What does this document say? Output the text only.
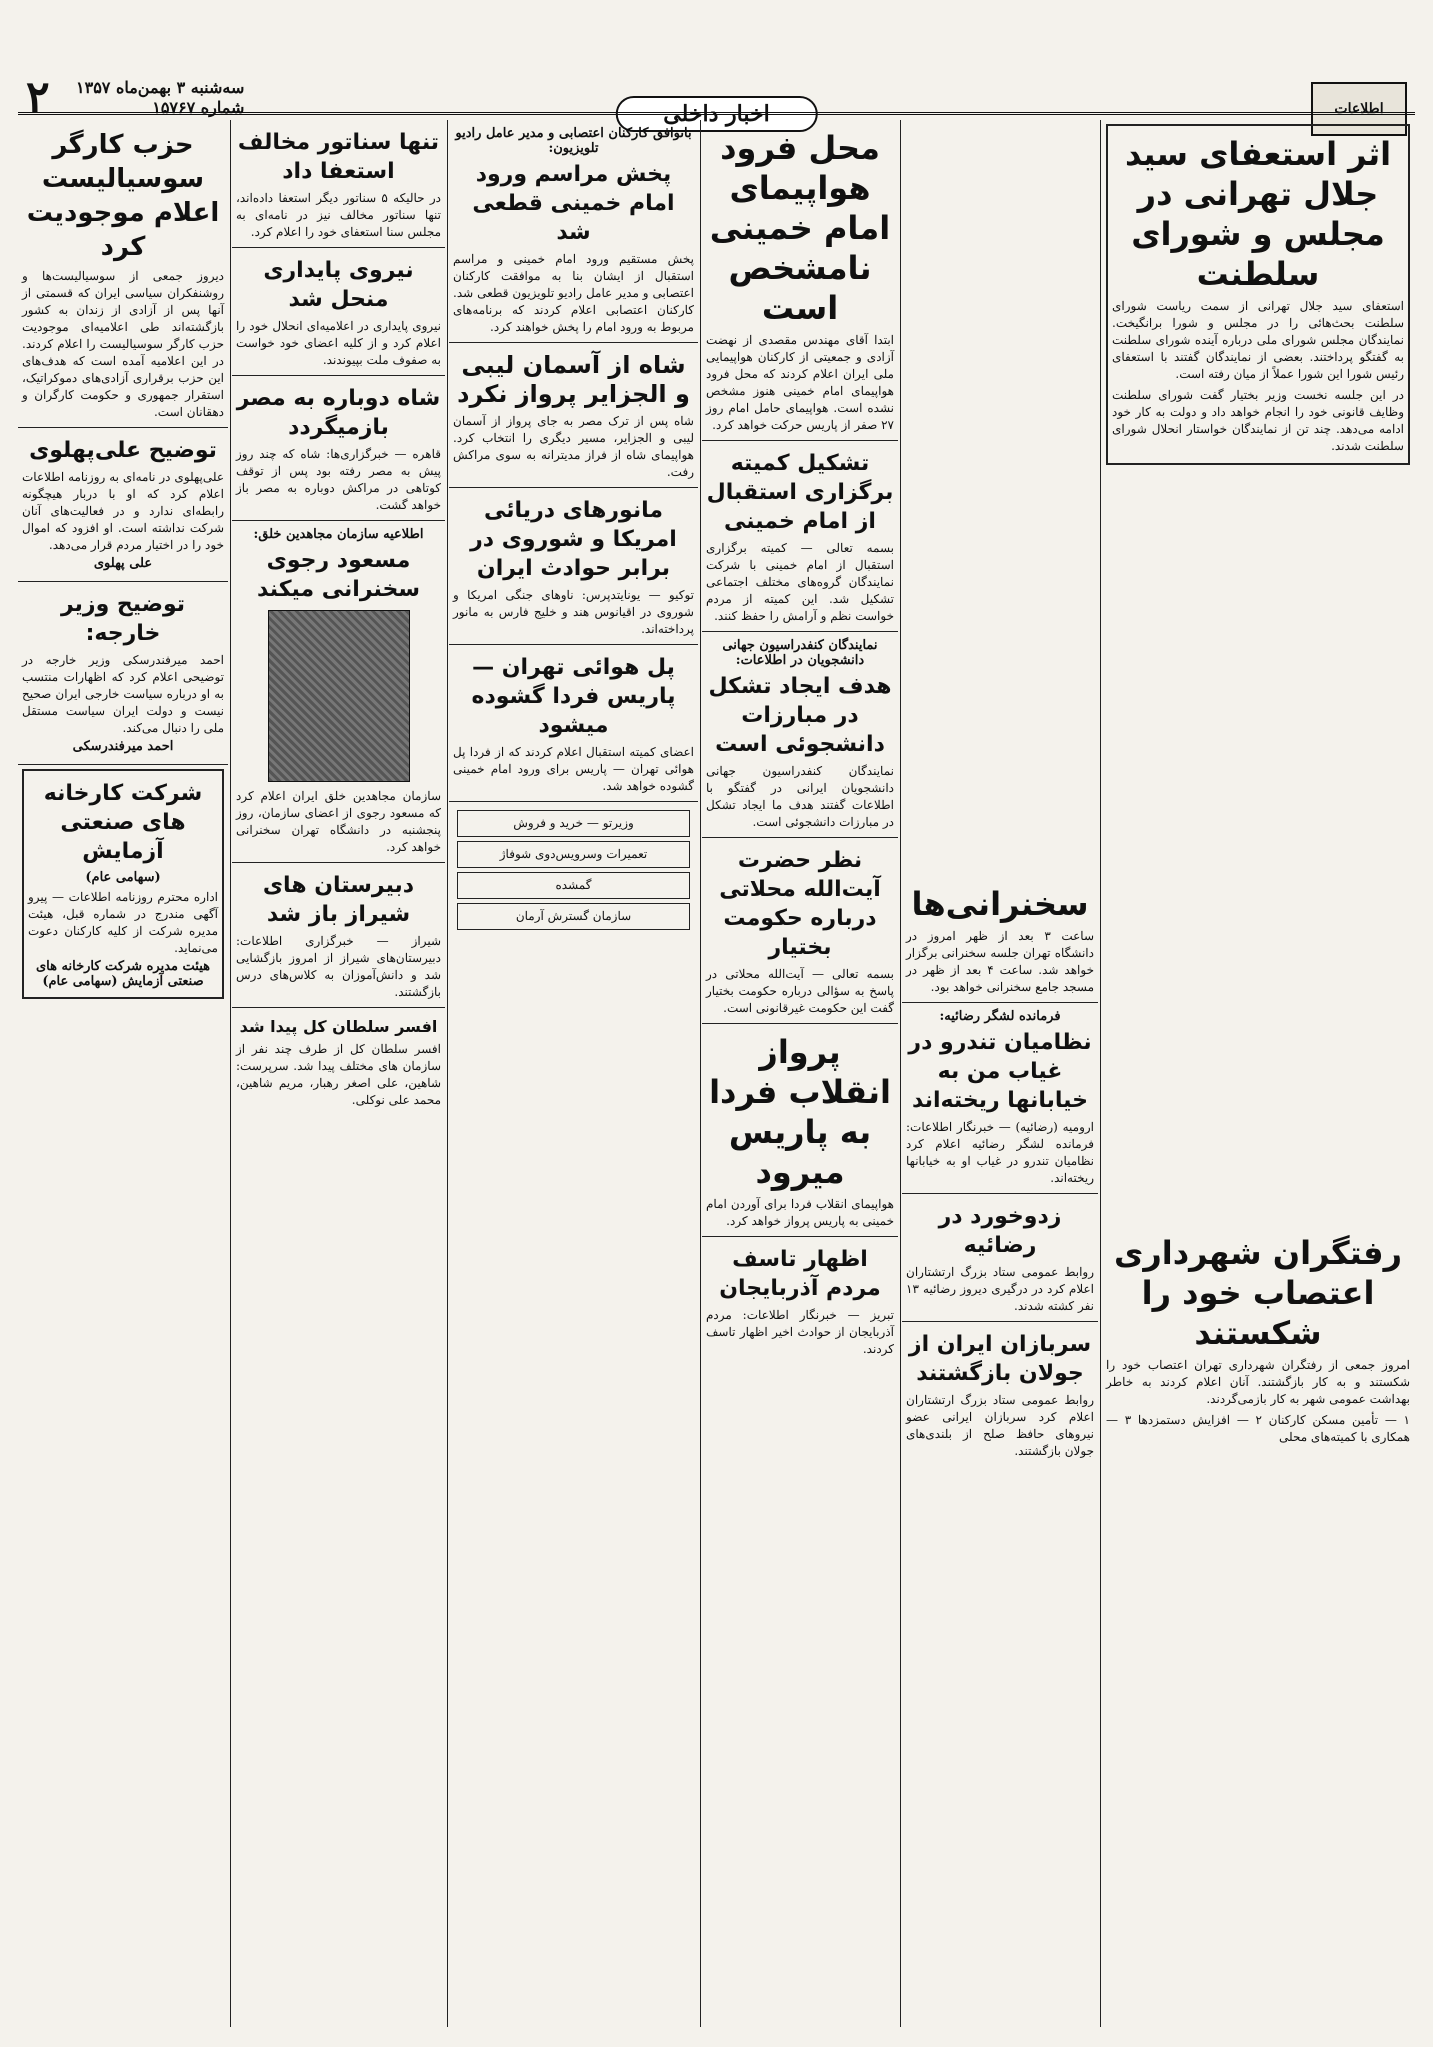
۲ سه‌شنبه ۳ بهمن‌ماه ۱۳۵۷
شماره ۱۵۷۶۷	اخبار داخلی	اطلاعات
اثر استعفای سید جلال تهرانی در مجلس و شورای سلطنت

استعفای سید جلال تهرانی از سمت ریاست شورای سلطنت بحث‌هائی را در مجلس و شورا برانگیخت. نمایندگان مجلس شورای ملی درباره آینده شورای سلطنت به گفتگو پرداختند. بعضی از نمایندگان گفتند با استعفای رئیس شورا این شورا عملاً از میان رفته است.

در این جلسه نخست وزیر بختیار گفت شورای سلطنت وظایف قانونی خود را انجام خواهد داد و دولت به کار خود ادامه می‌دهد. چند تن از نمایندگان خواستار انحلال شورای سلطنت شدند.

رفتگران شهرداری اعتصاب خود را شکستند

امروز جمعی از رفتگران شهرداری تهران اعتصاب خود را شکستند و به کار بازگشتند. آنان اعلام کردند به خاطر بهداشت عمومی شهر به کار بازمی‌گردند.

۱ — تأمین مسکن کارکنان ۲ — افزایش دستمزدها ۳ — همکاری با کمیته‌های محلی

سخنرانی‌ها
ساعت ۳ بعد از ظهر امروز در دانشگاه تهران جلسه سخنرانی برگزار خواهد شد. ساعت ۴ بعد از ظهر در مسجد جامع سخنرانی خواهد بود.
فرمانده لشگر رضائیه:
نظامیان تندرو در غیاب من به خیابانها ریخته‌اند
ارومیه (رضائیه) — خبرنگار اطلاعات: فرمانده لشگر رضائیه اعلام کرد نظامیان تندرو در غیاب او به خیابانها ریخته‌اند.
زدوخورد در رضائیه
روابط عمومی ستاد بزرگ ارتشتاران اعلام کرد در درگیری دیروز رضائیه ۱۳ نفر کشته شدند.
سربازان ایران از جولان بازگشتند
روابط عمومی ستاد بزرگ ارتشتاران اعلام کرد سربازان ایرانی عضو نیروهای حافظ صلح از بلندی‌های جولان بازگشتند.
محل فرود هواپیمای امام خمینی نامشخص است
ابتدا آقای مهندس مقصدی از نهضت آزادی و جمعیتی از کارکنان هواپیمایی ملی ایران اعلام کردند که محل فرود هواپیمای امام خمینی هنوز مشخص نشده است. هواپیمای حامل امام روز ۲۷ صفر از پاریس حرکت خواهد کرد.
تشکیل کمیته برگزاری استقبال از امام خمینی
بسمه تعالی — کمیته برگزاری استقبال از امام خمینی با شرکت نمایندگان گروه‌های مختلف اجتماعی تشکیل شد. این کمیته از مردم خواست نظم و آرامش را حفظ کنند.
نمایندگان کنفدراسیون جهانی دانشجویان در اطلاعات:
هدف ایجاد تشکل در مبارزات دانشجوئی است
نمایندگان کنفدراسیون جهانی دانشجویان ایرانی در گفتگو با اطلاعات گفتند هدف ما ایجاد تشکل در مبارزات دانشجوئی است.
نظر حضرت آیت‌الله محلاتی درباره حکومت بختیار
بسمه تعالی — آیت‌الله محلاتی در پاسخ به سؤالی درباره حکومت بختیار گفت این حکومت غیرقانونی است.
پرواز انقلاب فردا به پاریس میرود
هواپیمای انقلاب فردا برای آوردن امام خمینی به پاریس پرواز خواهد کرد.
اظهار تاسف مردم آذربایجان
تبریز — خبرنگار اطلاعات: مردم آذربایجان از حوادث اخیر اظهار تاسف کردند.
باتوافق کارکنان اعتصابی و مدیر عامل رادیو تلویزیون:
پخش مراسم ورود امام خمینی قطعی شد
پخش مستقیم ورود امام خمینی و مراسم استقبال از ایشان بنا به موافقت کارکنان اعتصابی و مدیر عامل رادیو تلویزیون قطعی شد. کارکنان اعتصابی اعلام کردند که برنامه‌های مربوط به ورود امام را پخش خواهند کرد.
شاه از آسمان لیبی و الجزایر پرواز نکرد
شاه پس از ترک مصر به جای پرواز از آسمان لیبی و الجزایر، مسیر دیگری را انتخاب کرد. هواپیمای شاه از فراز مدیترانه به سوی مراکش رفت.
مانورهای دریائی امریکا و شوروی در برابر حوادث ایران
توکیو — یونایتدپرس: ناوهای جنگی امریکا و شوروی در اقیانوس هند و خلیج فارس به مانور پرداخته‌اند.
پل هوائی تهران — پاریس فردا گشوده میشود
اعضای کمیته استقبال اعلام کردند که از فردا پل هوائی تهران — پاریس برای ورود امام خمینی گشوده خواهد شد.
وزیرتو — خرید و فروش
تعمیرات وسرویس‌دوی شوفاژ
گمشده
سازمان گسترش آرمان
تنها سناتور مخالف استعفا داد
در حالیکه ۵ سناتور دیگر استعفا داده‌اند، تنها سناتور مخالف نیز در نامه‌ای به مجلس سنا استعفای خود را اعلام کرد.
نیروی پایداری منحل شد
نیروی پایداری در اعلامیه‌ای انحلال خود را اعلام کرد و از کلیه اعضای خود خواست به صفوف ملت بپیوندند.
شاه دوباره به مصر بازمیگردد
قاهره — خبرگزاری‌ها: شاه که چند روز پیش به مصر رفته بود پس از توقف کوتاهی در مراکش دوباره به مصر باز خواهد گشت.
اطلاعیه سازمان مجاهدین خلق:
مسعود رجوی سخنرانی میکند
سازمان مجاهدین خلق ایران اعلام کرد که مسعود رجوی از اعضای سازمان، روز پنجشنبه در دانشگاه تهران سخنرانی خواهد کرد.
دبیرستان های شیراز باز شد
شیراز — خبرگزاری اطلاعات: دبیرستان‌های شیراز از امروز بازگشایی شد و دانش‌آموزان به کلاس‌های درس بازگشتند.
افسر سلطان کل پیدا شد
افسر سلطان کل از طرف چند نفر از سازمان های مختلف پیدا شد. سرپرست: شاهین، علی اصغر رهبار، مریم شاهین، محمد علی نوکلی.
حزب کارگر سوسیالیست اعلام موجودیت کرد
دیروز جمعی از سوسیالیست‌ها و روشنفکران سیاسی ایران که قسمتی از آنها پس از آزادی از زندان به کشور بازگشته‌اند طی اعلامیه‌ای موجودیت حزب کارگر سوسیالیست را اعلام کردند. در این اعلامیه آمده است که هدف‌های این حزب برقراری آزادی‌های دموکراتیک، استقرار جمهوری و حکومت کارگران و دهقانان است.
توضیح علی‌پهلوی
علی‌پهلوی در نامه‌ای به روزنامه اطلاعات اعلام کرد که او با دربار هیچگونه رابطه‌ای ندارد و در فعالیت‌های آنان شرکت نداشته است. او افزود که اموال خود را در اختیار مردم قرار می‌دهد.
علی پهلوی
توضیح وزیر خارجه:
احمد میرفندرسکی وزیر خارجه در توضیحی اعلام کرد که اظهارات منتسب به او درباره سیاست خارجی ایران صحیح نیست و دولت ایران سیاست مستقل ملی را دنبال می‌کند.
احمد میرفندرسکی
شرکت کارخانه های صنعتی آزمایش
(سهامی عام)
اداره محترم روزنامه اطلاعات — پیرو آگهی مندرج در شماره قبل، هیئت مدیره شرکت از کلیه کارکنان دعوت می‌نماید.
هیئت مدیره شرکت کارخانه های صنعتی آزمایش (سهامی عام)
